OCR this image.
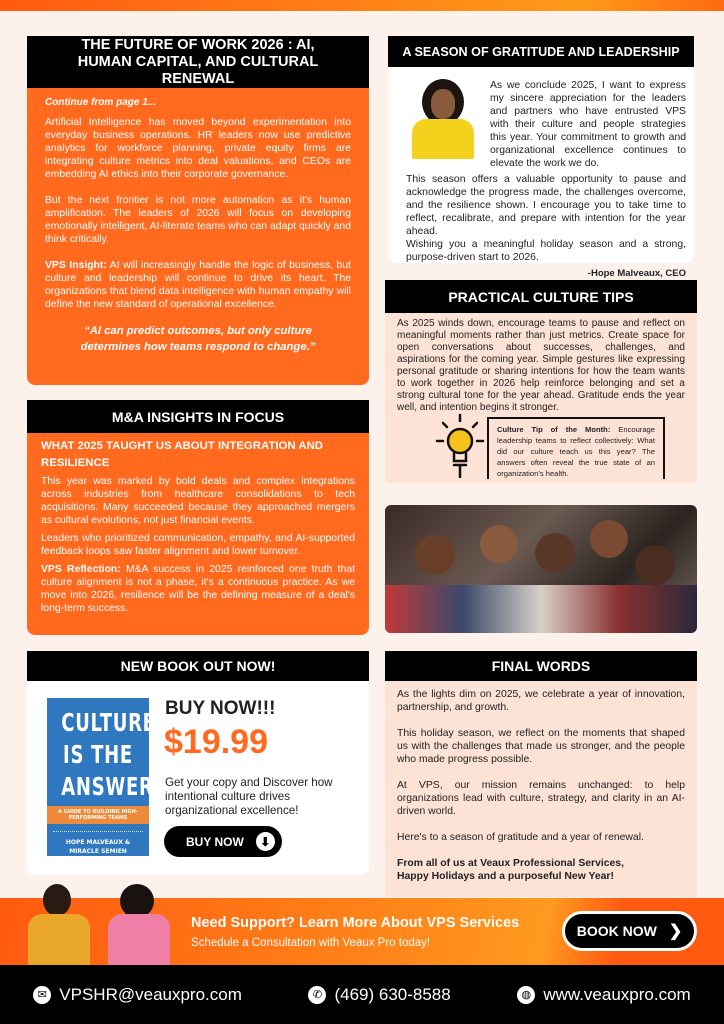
THE FUTURE OF WORK 2026 : AI, HUMAN CAPITAL, AND CULTURAL RENEWAL

Continue from page 1...

Artificial Intelligence has moved beyond experimentation into everyday business operations. HR leaders now use predictive analytics for workforce planning, private equity firms are integrating culture metrics into deal valuations, and CEOs are embedding AI ethics into their corporate governance.

But the next frontier is not more automation as it's human amplification. The leaders of 2026 will focus on developing emotionally intelligent, AI-literate teams who can adapt quickly and think critically.

VPS Insight: AI will increasingly handle the logic of business, but culture and leadership will continue to drive its heart. The organizations that blend data intelligence with human empathy will define the new standard of operational excellence.

“AI can predict outcomes, but only culture determines how teams respond to change.”

M&A INSIGHTS IN FOCUS
WHAT 2025 TAUGHT US ABOUT INTEGRATION AND RESILIENCE

This year was marked by bold deals and complex integrations across industries from healthcare consolidations to tech acquisitions. Many succeeded because they approached mergers as cultural evolutions, not just financial events.

Leaders who prioritized communication, empathy, and AI-supported feedback loops saw faster alignment and lower turnover.

VPS Reflection: M&A success in 2025 reinforced one truth that culture alignment is not a phase, it's a continuous practice. As we move into 2026, resilience will be the defining measure of a deal's long-term success.

NEW BOOK OUT NOW!
CULTURE
IS THE
ANSWER
A GUIDE TO BUILDING HIGH-PERFORMING TEAMS
HOPE MALVEAUX & MIRACLE SEMIEN
BUY NOW!!!
$19.99
Get your copy and Discover how intentional culture drives organizational excellence!
BUY NOW	⬇
A SEASON OF GRATITUDE AND LEADERSHIP

As we conclude 2025, I want to express my sincere appreciation for the leaders and partners who have entrusted VPS with their culture and people strategies this year. Your commitment to growth and organizational excellence continues to elevate the work we do.

This season offers a valuable opportunity to pause and acknowledge the progress made, the challenges overcome, and the resilience shown. I encourage you to take time to reflect, recalibrate, and prepare with intention for the year ahead.

Wishing you a meaningful holiday season and a strong, purpose-driven start to 2026.

-Hope Malveaux, CEO

PRACTICAL CULTURE TIPS

As 2025 winds down, encourage teams to pause and reflect on meaningful moments rather than just metrics. Create space for open conversations about successes, challenges, and aspirations for the coming year. Simple gestures like expressing personal gratitude or sharing intentions for how the team wants to work together in 2026 help reinforce belonging and set a strong cultural tone for the year ahead. Gratitude ends the year well, and intention begins it stronger.

Culture Tip of the Month: Encourage leadership teams to reflect collectively: What did our culture teach us this year? The answers often reveal the true state of an organization's health.

FINAL WORDS

As the lights dim on 2025, we celebrate a year of innovation, partnership, and growth.

This holiday season, we reflect on the moments that shaped us with the challenges that made us stronger, and the people who made progress possible.

At VPS, our mission remains unchanged: to help organizations lead with culture, strategy, and clarity in an AI-driven world.

Here's to a season of gratitude and a year of renewal.

From all of us at Veaux Professional Services,

Happy Holidays and a purposeful New Year!

Need Support? Learn More About VPS Services
Schedule a Consultation with Veaux Pro today!
BOOK NOW ❯
✉ VPSHR@veauxpro.com	✆ (469) 630-8588	◍ www.veauxpro.com
